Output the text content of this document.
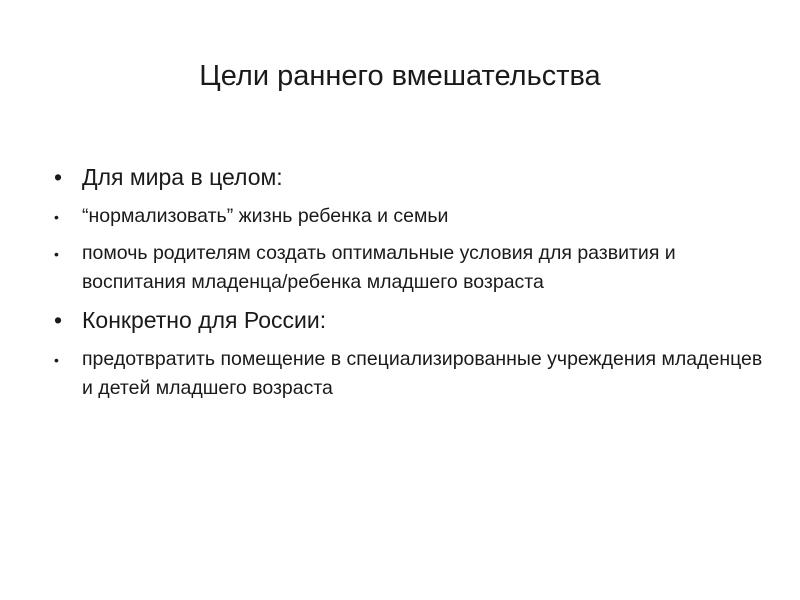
Цели раннего вмешательства
• Для мира в целом:
• “нормализовать” жизнь ребенка и семьи
• помочь родителям создать оптимальные условия для развития и воспитания младенца/ребенка младшего возраста
• Конкретно для России:
• предотвратить помещение в специализированные учреждения младенцев и детей младшего возраста
